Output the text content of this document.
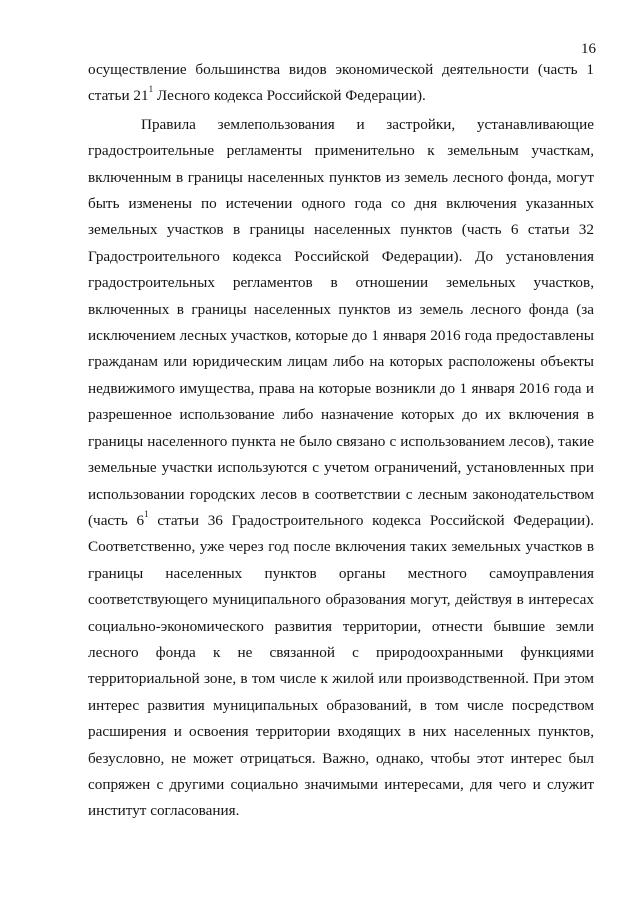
16

осуществление большинства видов экономической деятельности (часть 1 статьи $21^1$ Лесного кодекса Российской Федерации).

Правила землепользования и застройки, устанавливающие градостроительные регламенты применительно к земельным участкам, включенным в границы населенных пунктов из земель лесного фонда, могут быть изменены по истечении одного года со дня включения указанных земельных участков в границы населенных пунктов (часть 6 статьи 32 Градостроительного кодекса Российской Федерации). До установления градостроительных регламентов в отношении земельных участков, включенных в границы населенных пунктов из земель лесного фонда (за исключением лесных участков, которые до 1 января 2016 года предоставлены гражданам или юридическим лицам либо на которых расположены объекты недвижимого имущества, права на которые возникли до 1 января 2016 года и разрешенное использование либо назначение которых до их включения в границы населенного пункта не было связано с использованием лесов), такие земельные участки используются с учетом ограничений, установленных при использовании городских лесов в соответствии с лесным законодательством (часть $6^1$ статьи 36 Градостроительного кодекса Российской Федерации). Соответственно, уже через год после включения таких земельных участков в границы населенных пунктов органы местного самоуправления соответствующего муниципального образования могут, действуя в интересах социально-экономического развития территории, отнести бывшие земли лесного фонда к не связанной с природоохранными функциями территориальной зоне, в том числе к жилой или производственной. При этом интерес развития муниципальных образований, в том числе посредством расширения и освоения территории входящих в них населенных пунктов, безусловно, не может отрицаться. Важно, однако, чтобы этот интерес был сопряжен с другими социально значимыми интересами, для чего и служит институт согласования.
